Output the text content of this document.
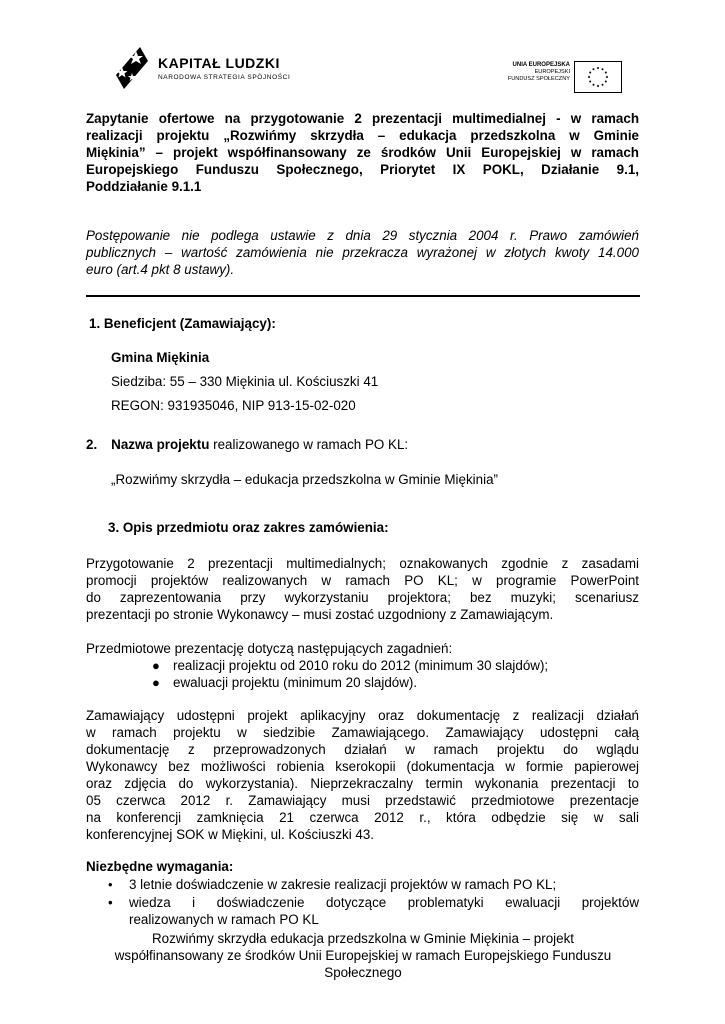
KAPITAŁ LUDZKI
NARODOWA STRATEGIA SPÓJNOŚCI
UNIA EUROPEJSKA
EUROPEJSKI
FUNDUSZ SPOŁECZNY
Zapytanie ofertowe na przygotowanie 2 prezentacji multimedialnej - w ramach
realizacji projektu „Rozwińmy skrzydła – edukacja przedszkolna w Gminie
Miękinia” – projekt współfinansowany ze środków Unii Europejskiej w ramach
Europejskiego Funduszu Społecznego, Priorytet IX POKL, Działanie 9.1,
Poddziałanie 9.1.1
Postępowanie nie podlega ustawie z dnia 29 stycznia 2004 r. Prawo zamówień
publicznych – wartość zamówienia nie przekracza wyrażonej w złotych kwoty 14.000
euro (art.4 pkt 8 ustawy).
1. Beneficjent (Zamawiający):
Gmina Miękinia
Siedziba: 55 – 330 Miękinia ul. Kościuszki 41
REGON: 931935046, NIP 913-15-02-020
2. Nazwa projektu realizowanego w ramach PO KL:
„Rozwińmy skrzydła – edukacja przedszkolna w Gminie Miękinia”
3. Opis przedmiotu oraz zakres zamówienia:
Przygotowanie 2 prezentacji multimedialnych; oznakowanych zgodnie z zasadami
promocji projektów realizowanych w ramach PO KL; w programie PowerPoint
do zaprezentowania przy wykorzystaniu projektora; bez muzyki; scenariusz
prezentacji po stronie Wykonawcy – musi zostać uzgodniony z Zamawiającym.
Przedmiotowe prezentację dotyczą następujących zagadnień:
● realizacji projektu od 2010 roku do 2012 (minimum 30 slajdów);
● ewaluacji projektu (minimum 20 slajdów).
Zamawiający udostępni projekt aplikacyjny oraz dokumentację z realizacji działań
w ramach projektu w siedzibie Zamawiającego. Zamawiający udostępni całą
dokumentację z przeprowadzonych działań w ramach projektu do wglądu
Wykonawcy bez możliwości robienia kserokopii (dokumentacja w formie papierowej
oraz zdjęcia do wykorzystania). Nieprzekraczalny termin wykonania prezentacji to
05 czerwca 2012 r. Zamawiający musi przedstawić przedmiotowe prezentacje
na konferencji zamknięcia 21 czerwca 2012 r., która odbędzie się w sali
konferencyjnej SOK w Miękini, ul. Kościuszki 43.
Niezbędne wymagania:
• 3 letnie doświadczenie w zakresie realizacji projektów w ramach PO KL;
• wiedza i doświadczenie dotyczące problematyki ewaluacji projektów
realizowanych w ramach PO KL
Rozwińmy skrzydła edukacja przedszkolna w Gminie Miękinia – projekt
współfinansowany ze środków Unii Europejskiej w ramach Europejskiego Funduszu
Społecznego
